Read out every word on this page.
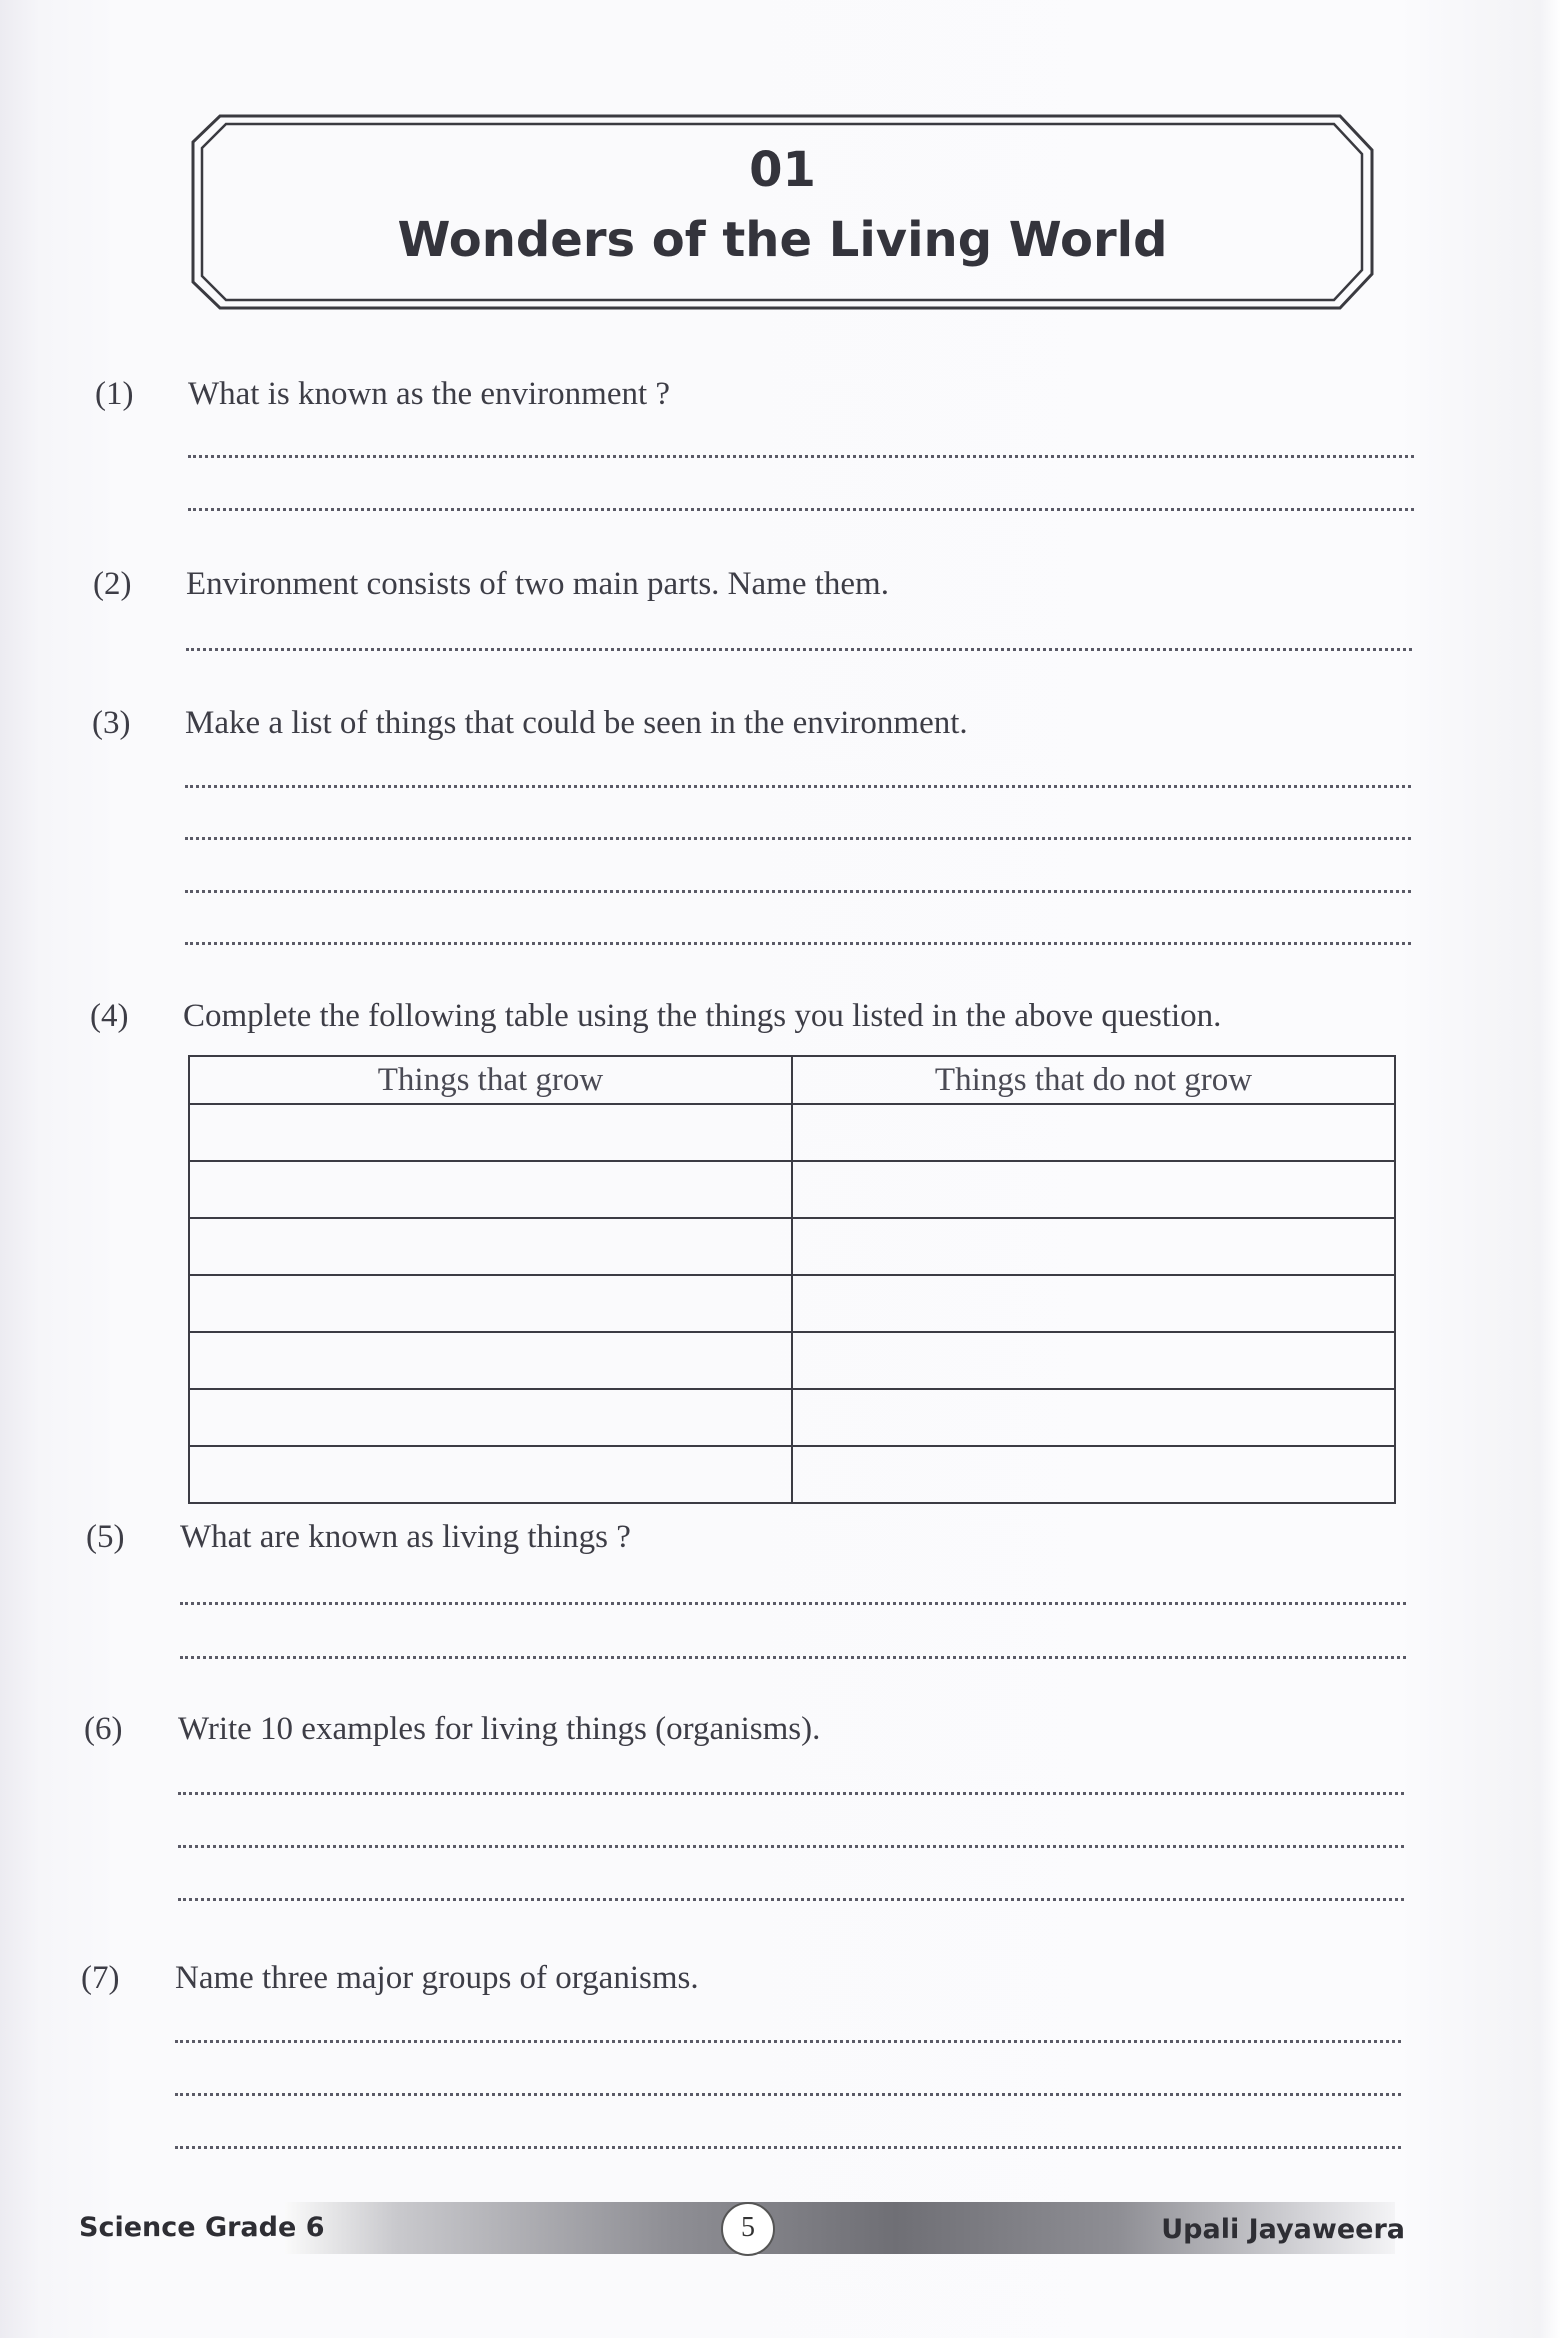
01
Wonders of the Living World
(1) What is known as the environment ?
(2) Environment consists of two main parts. Name them.
(3) Make a list of things that could be seen in the environment.
(4) Complete the following table using the things you listed in the above question.
Things that grow	Things that do not grow

(5) What are known as living things ?
(6) Write 10 examples for living things (organisms).
(7) Name three major groups of organisms.
Science Grade 6	5	Upali Jayaweera
